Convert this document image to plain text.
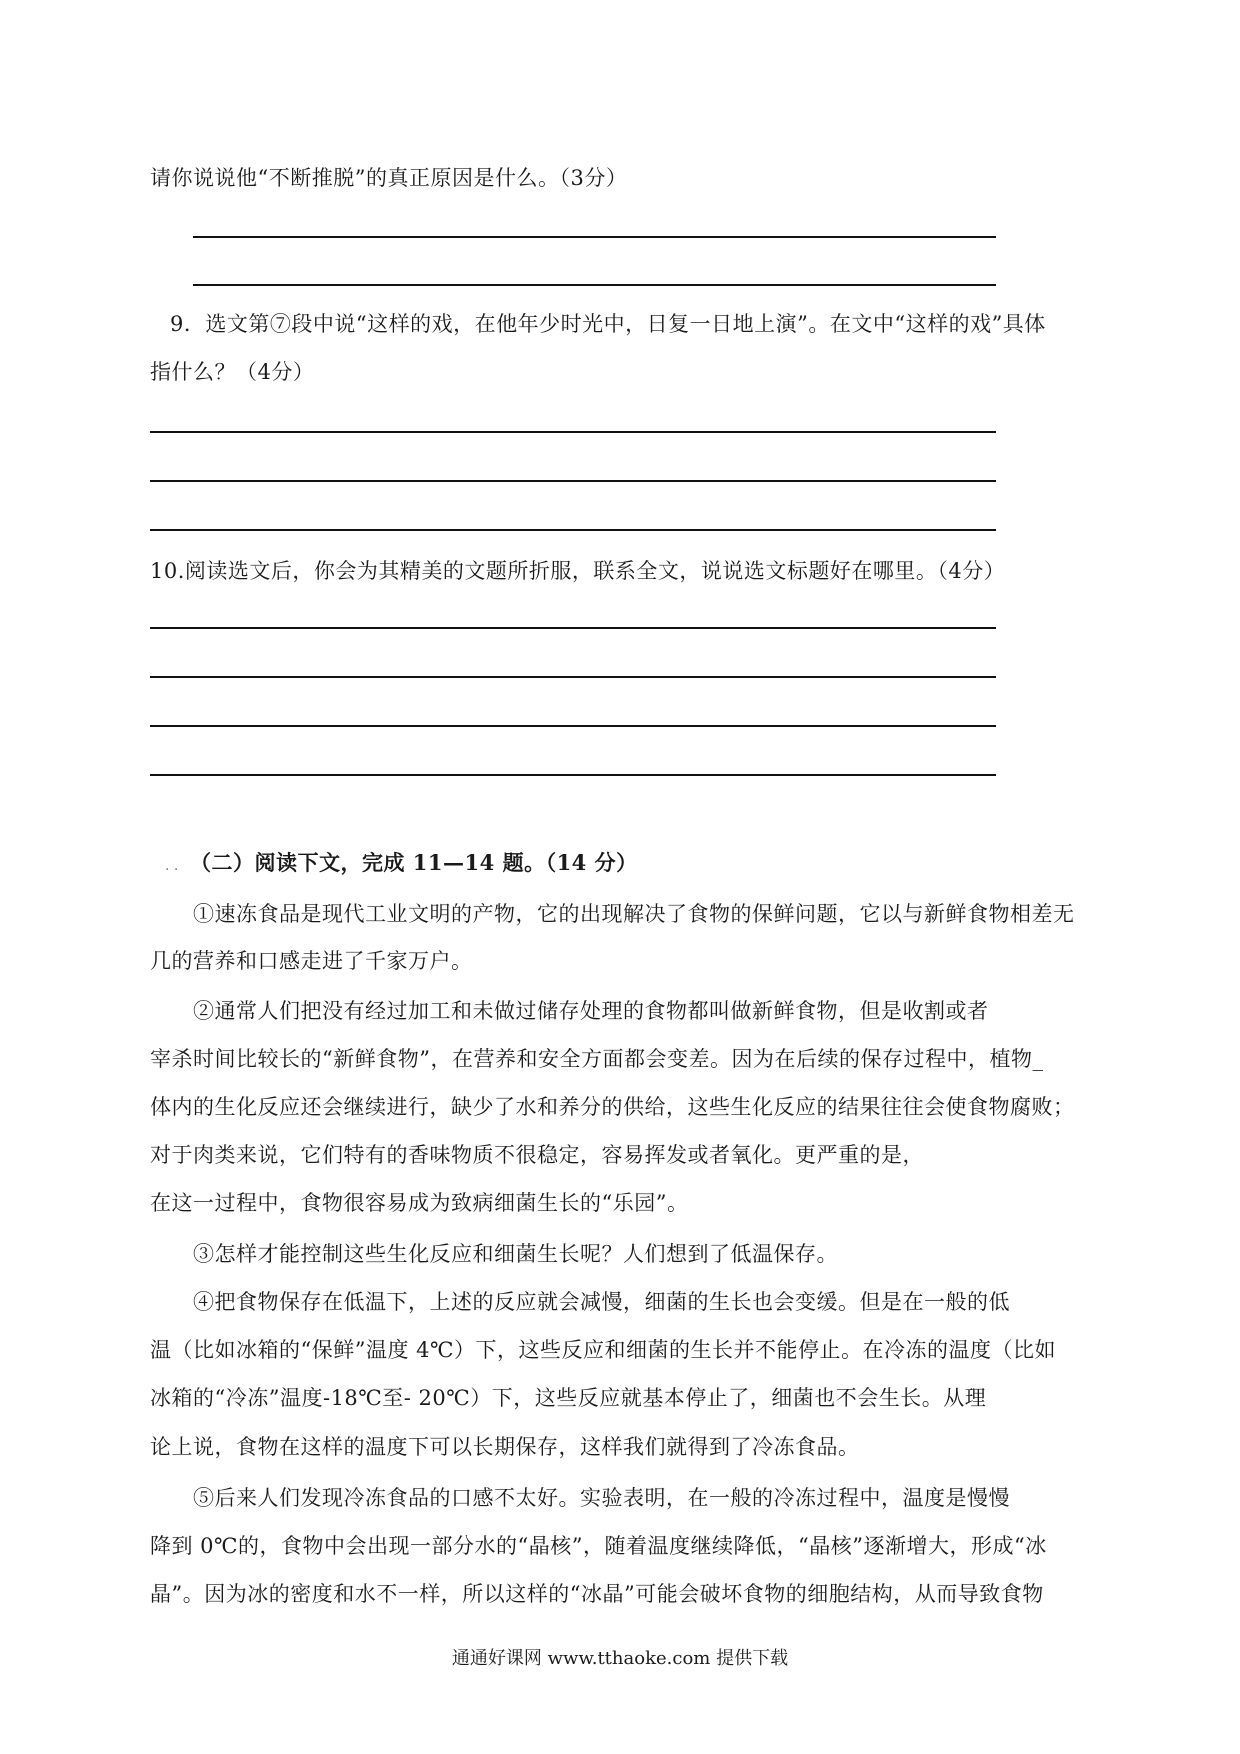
请你说说他“不断推脱”的真正原因是什么。（3分）
9．选文第⑦段中说“这样的戏，在他年少时光中，日复一日地上演”。在文中“这样的戏”具体
指什么？（4分）
10.阅读选文后，你会为其精美的文题所折服，联系全文，说说选文标题好在哪里。（4分）
. . （二）阅读下文，完成 11—14 题。（14 分）
①速冻食品是现代工业文明的产物，它的出现解决了食物的保鲜问题，它以与新鲜食物相差无
几的营养和口感走进了千家万户。
②通常人们把没有经过加工和未做过储存处理的食物都叫做新鲜食物，但是收割或者
宰杀时间比较长的“新鲜食物”，在营养和安全方面都会变差。因为在后续的保存过程中，植物_
体内的生化反应还会继续进行，缺少了水和养分的供给，这些生化反应的结果往往会使食物腐败；
对于肉类来说，它们特有的香味物质不很稳定，容易挥发或者氧化。更严重的是，
在这一过程中，食物很容易成为致病细菌生长的“乐园”。
③怎样才能控制这些生化反应和细菌生长呢？人们想到了低温保存。
④把食物保存在低温下，上述的反应就会减慢，细菌的生长也会变缓。但是在一般的低
温（比如冰箱的“保鲜”温度 4℃）下，这些反应和细菌的生长并不能停止。在冷冻的温度（比如
冰箱的“冷冻”温度-18℃至- 20℃）下，这些反应就基本停止了，细菌也不会生长。从理
论上说，食物在这样的温度下可以长期保存，这样我们就得到了冷冻食品。
⑤后来人们发现冷冻食品的口感不太好。实验表明，在一般的冷冻过程中，温度是慢慢
降到 0℃的，食物中会出现一部分水的“晶核”，随着温度继续降低，“晶核”逐渐增大，形成“冰
晶”。因为冰的密度和水不一样，所以这样的“冰晶”可能会破坏食物的细胞结构，从而导致食物
通通好课网 www.tthaoke.com 提供下载
